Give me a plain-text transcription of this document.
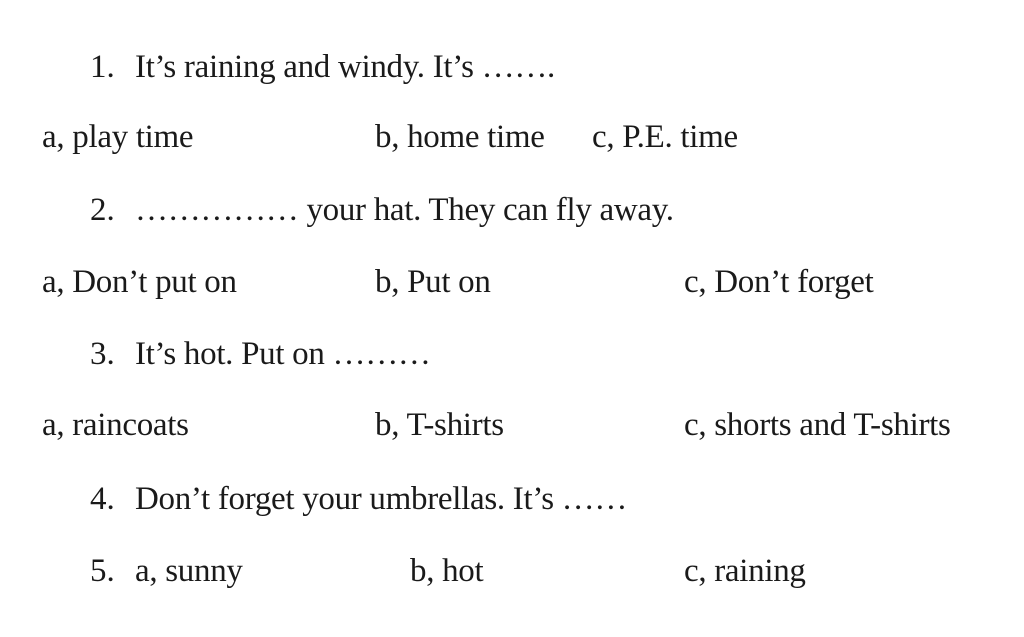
1. It’s raining and windy. It’s …….
a, play time	b, home time c, P.E. time
2. …………… your hat. They can fly away.
a, Don’t put on	b, Put on	c, Don’t forget
3. It’s hot. Put on ………
a, raincoats	b, T-shirts	c, shorts and T-shirts
4. Don’t forget your umbrellas. It’s ……
5. a, sunny	b, hot	c, raining
